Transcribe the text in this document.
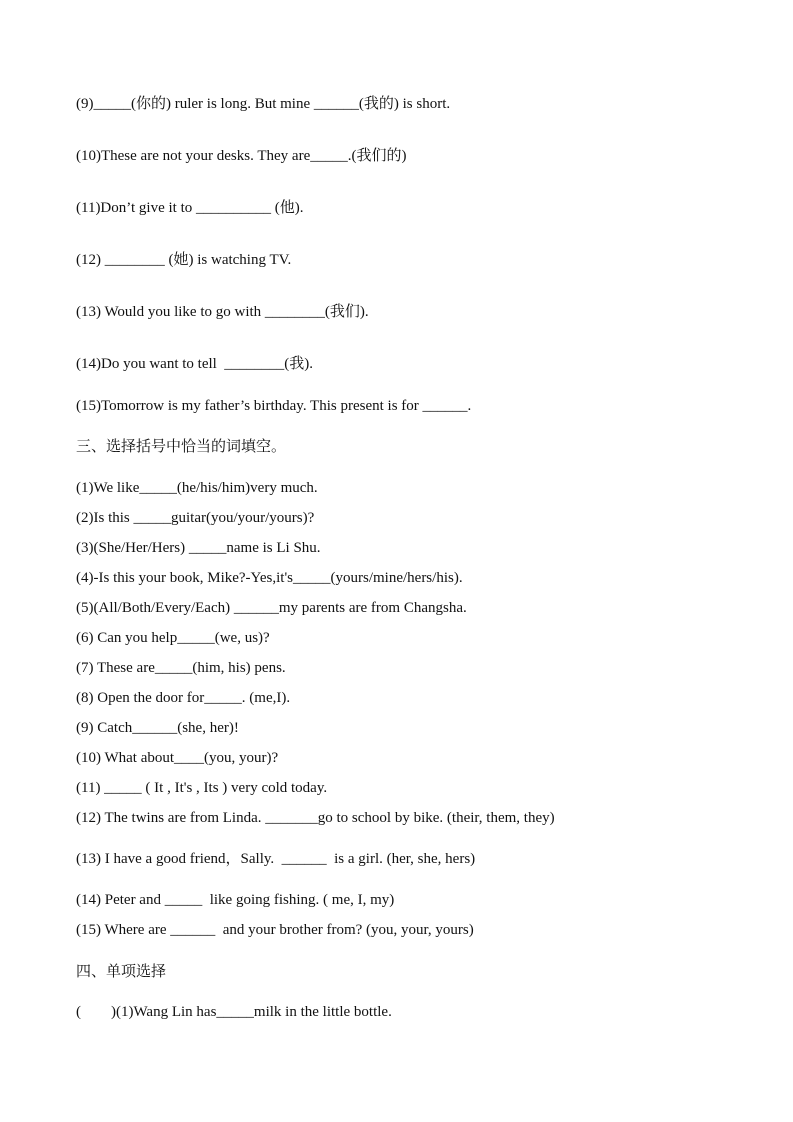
(9)_____(你的) ruler is long. But mine ______(我的) is short.
(10)These are not your desks. They are_____.(我们的)
(11)Don’t give it to __________ (他).
(12) ________ (她) is watching TV.
(13) Would you like to go with ________(我们).
(14)Do you want to tell  ________(我).
(15)Tomorrow is my father’s birthday. This present is for ______.
三、选择括号中恰当的词填空。
(1)We like_____(he/his/him)very much.
(2)Is this _____guitar(you/your/yours)?
(3)(She/Her/Hers) _____name is Li Shu.
(4)-Is this your book, Mike?-Yes,it's_____(yours/mine/hers/his).
(5)(All/Both/Every/Each) ______my parents are from Changsha.
(6) Can you help_____(we, us)?
(7) These are_____(him, his) pens.
(8) Open the door for_____. (me,I).
(9) Catch______(she, her)!
(10) What about____(you, your)?
(11) _____ ( It , It's , Its ) very cold today.
(12) The twins are from Linda. _______go to school by bike. (their, them, they)
(13) I have a good friend，Sally.  ______  is a girl. (her, she, hers)
(14) Peter and _____  like going fishing. ( me, I, my)
(15) Where are ______  and your brother from? (you, your, yours)
四、单项选择
(        )(1)Wang Lin has_____milk in the little bottle.
